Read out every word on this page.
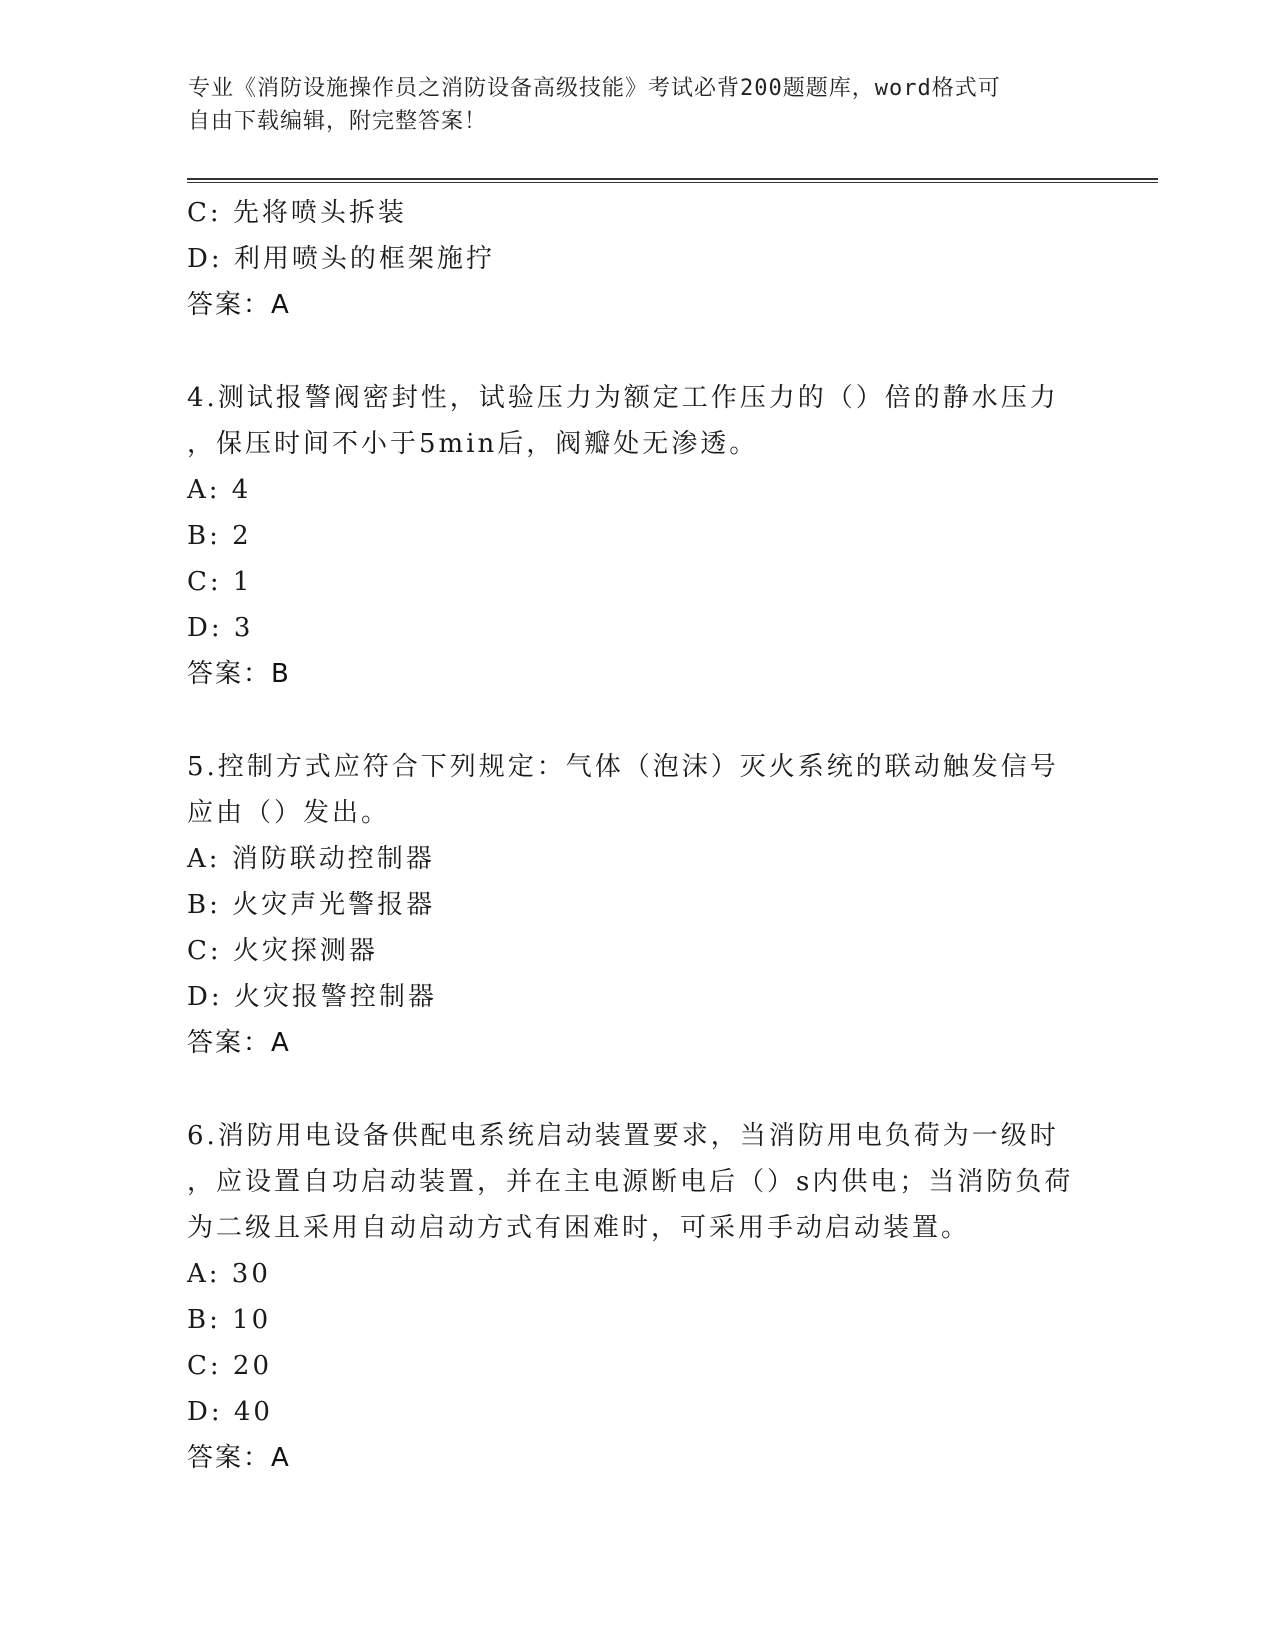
专业《消防设施操作员之消防设备高级技能》考试必背200题题库，word格式可
自由下载编辑，附完整答案！
C: 先将喷头拆装
D: 利用喷头的框架施拧
答案：A
4.测试报警阀密封性，试验压力为额定工作压力的（）倍的静水压力
，保压时间不小于5min后，阀瓣处无渗透。
A: 4
B: 2
C: 1
D: 3
答案：B
5.控制方式应符合下列规定：气体（泡沫）灭火系统的联动触发信号
应由（）发出。
A: 消防联动控制器
B: 火灾声光警报器
C: 火灾探测器
D: 火灾报警控制器
答案：A
6.消防用电设备供配电系统启动装置要求，当消防用电负荷为一级时
，应设置自功启动装置，并在主电源断电后（）s内供电；当消防负荷
为二级且采用自动启动方式有困难时，可采用手动启动装置。
A: 30
B: 10
C: 20
D: 40
答案：A
